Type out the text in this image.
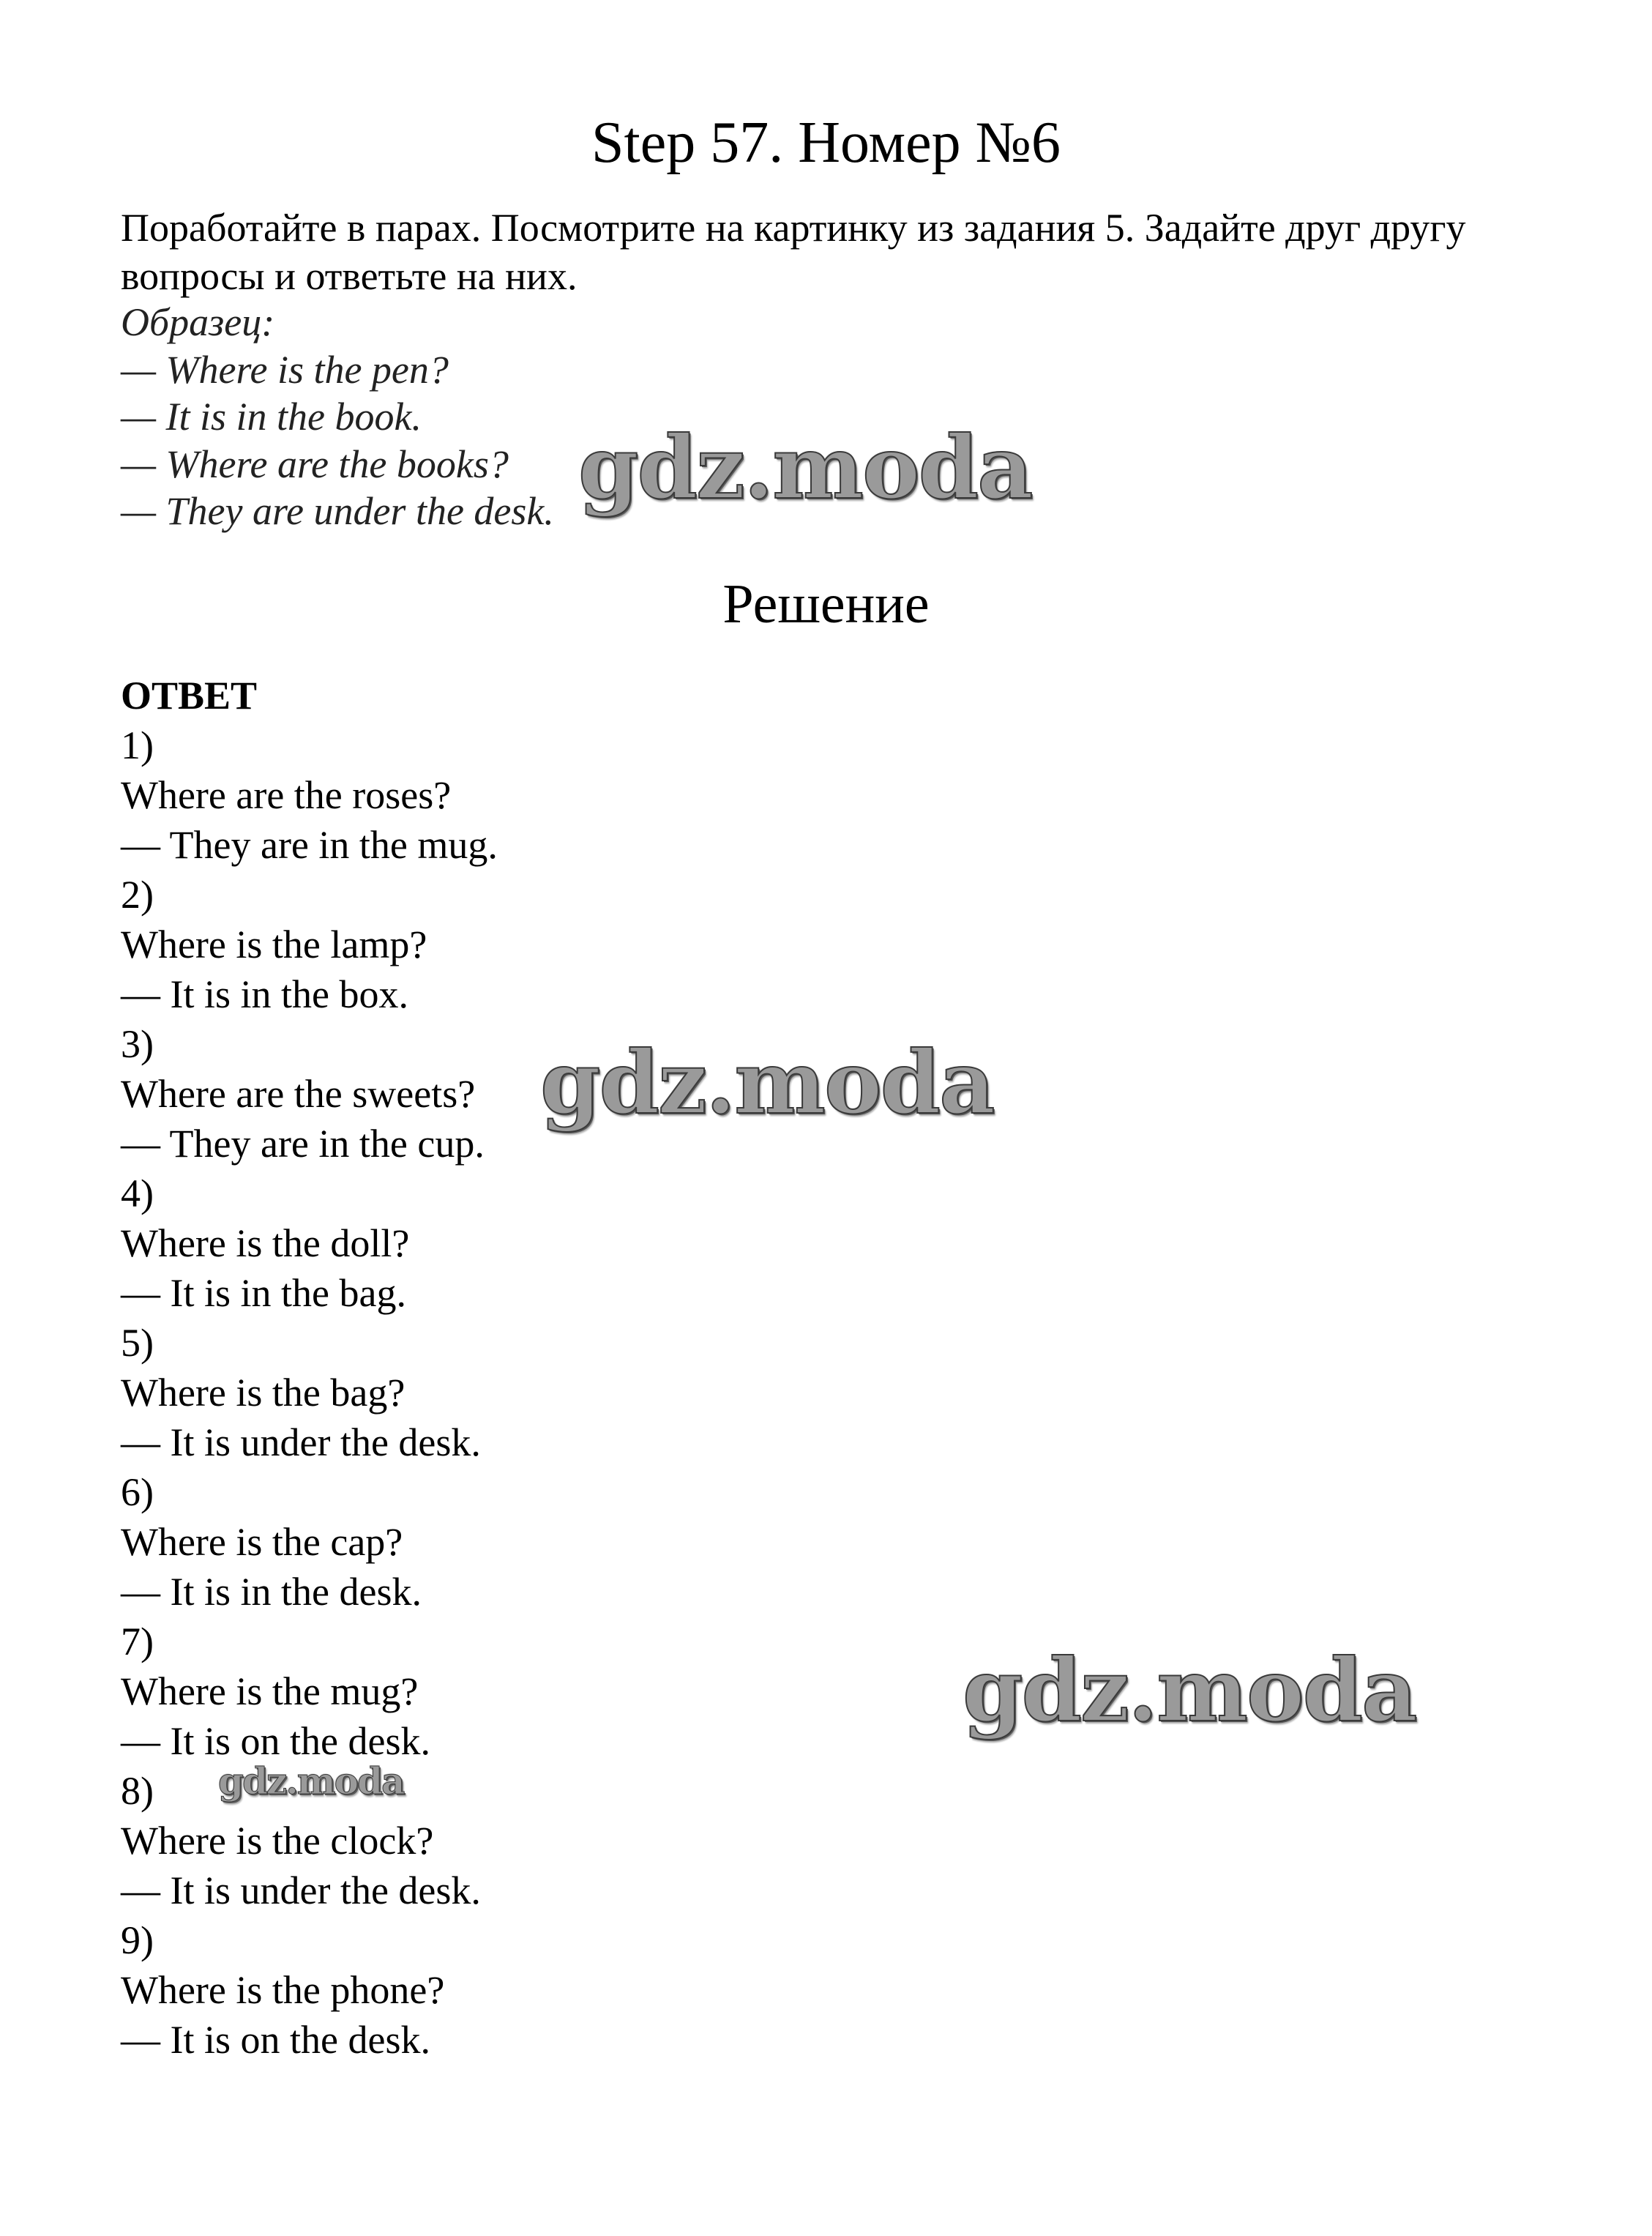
Step 57. Номер №6
Поработайте в парах. Посмотрите на картинку из задания 5. Задайте друг другу вопросы и ответьте на них.
Образец:
— Where is the pen?
— It is in the book.
— Where are the books?
— They are under the desk.
Решение
ОТВЕТ
1)
Where are the roses?
— They are in the mug.
2)
Where is the lamp?
— It is in the box.
3)
Where are the sweets?
— They are in the cup.
4)
Where is the doll?
— It is in the bag.
5)
Where is the bag?
— It is under the desk.
6)
Where is the cap?
— It is in the desk.
7)
Where is the mug?
— It is on the desk.
8)
Where is the clock?
— It is under the desk.
9)
Where is the phone?
— It is on the desk.
gdz.moda
gdz.moda
gdz.moda
gdz.moda
